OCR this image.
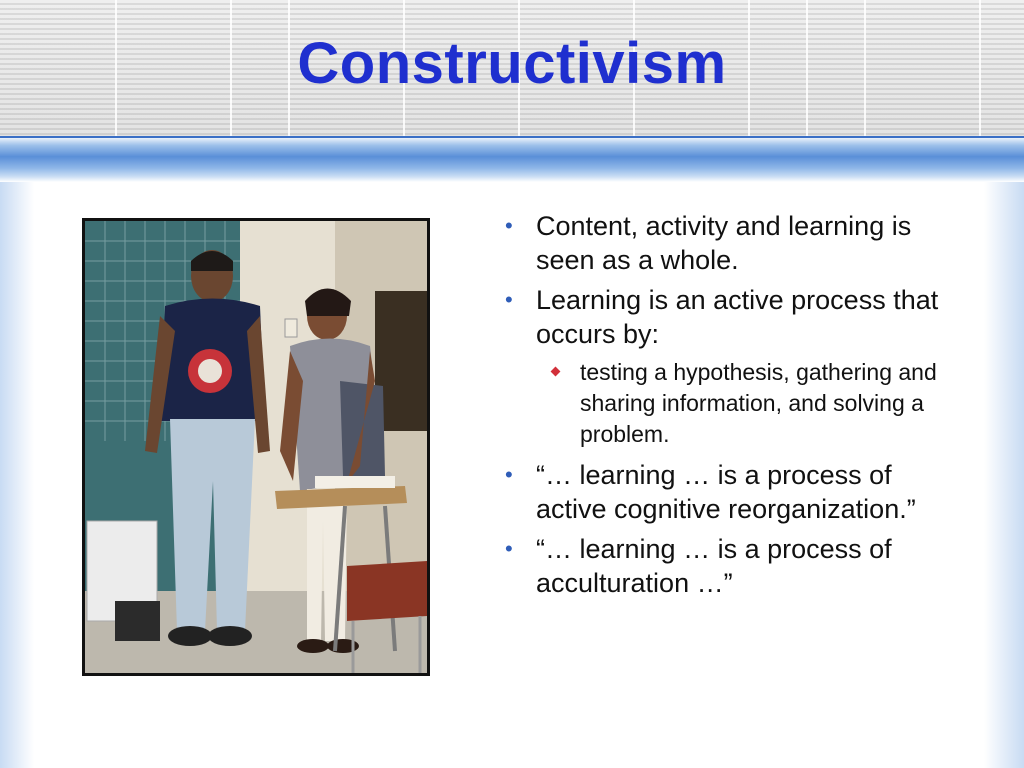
Constructivism
• Content, activity and learning is seen as a whole.
• Learning is an active process that occurs by:
testing a hypothesis, gathering and sharing information, and solving a problem.
• “… learning … is a process of active cognitive reorganization.”
• “… learning … is a process of acculturation …”
